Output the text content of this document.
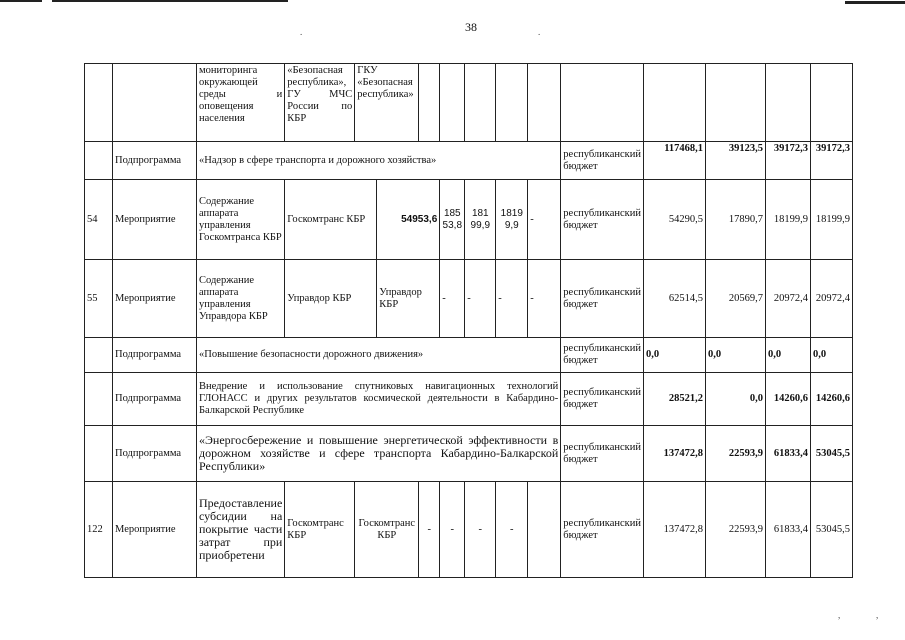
38
.	.
,	,
		мониторинга окружающей среды и оповещения населения	«Безопасная республика», ГУ МЧС России по КБР	ГКУ «Безопасная республика»											
	Подпрограмма	«Надзор в сфере транспорта и дорожного хозяйства»									республиканский бюджет	117468,1	39123,5	39172,3	39172,3
54	Мероприятие	Содержание аппарата управления Госкомтранса КБР	Госкомтранс КБР		54953,6		185 53,8	181 99,9	1819 9,9	-	республиканский бюджет	54290,5	17890,7	18199,9	18199,9
55	Мероприятие	Содержание аппарата управления Управдора КБР	Управдор КБР		Управдор КБР		-	-	-	-	республиканский бюджет	62514,5	20569,7	20972,4	20972,4
	Подпрограмма	«Повышение безопасности дорожного движения»									республиканский бюджет	0,0	0,0	0,0	0,0
	Подпрограмма	Внедрение и использование спутниковых навигационных технологий ГЛОНАСС и других результатов космической деятельности в Кабардино-Балкарской Республике									республиканский бюджет	28521,2	0,0	14260,6	14260,6
	Подпрограмма	«Энергосбережение и повышение энергетической эффективности в дорожном хозяйстве и сфере транспорта Кабардино-Балкарской Республики»									республиканский бюджет	137472,8	22593,9	61833,4	53045,5
122	Мероприятие	Предоставление субсидии на покрытие части затрат при приобретени	Госкомтранс КБР	Госкомтранс КБР		-	-	-	-		республиканский бюджет	137472,8	22593,9	61833,4	53045,5
